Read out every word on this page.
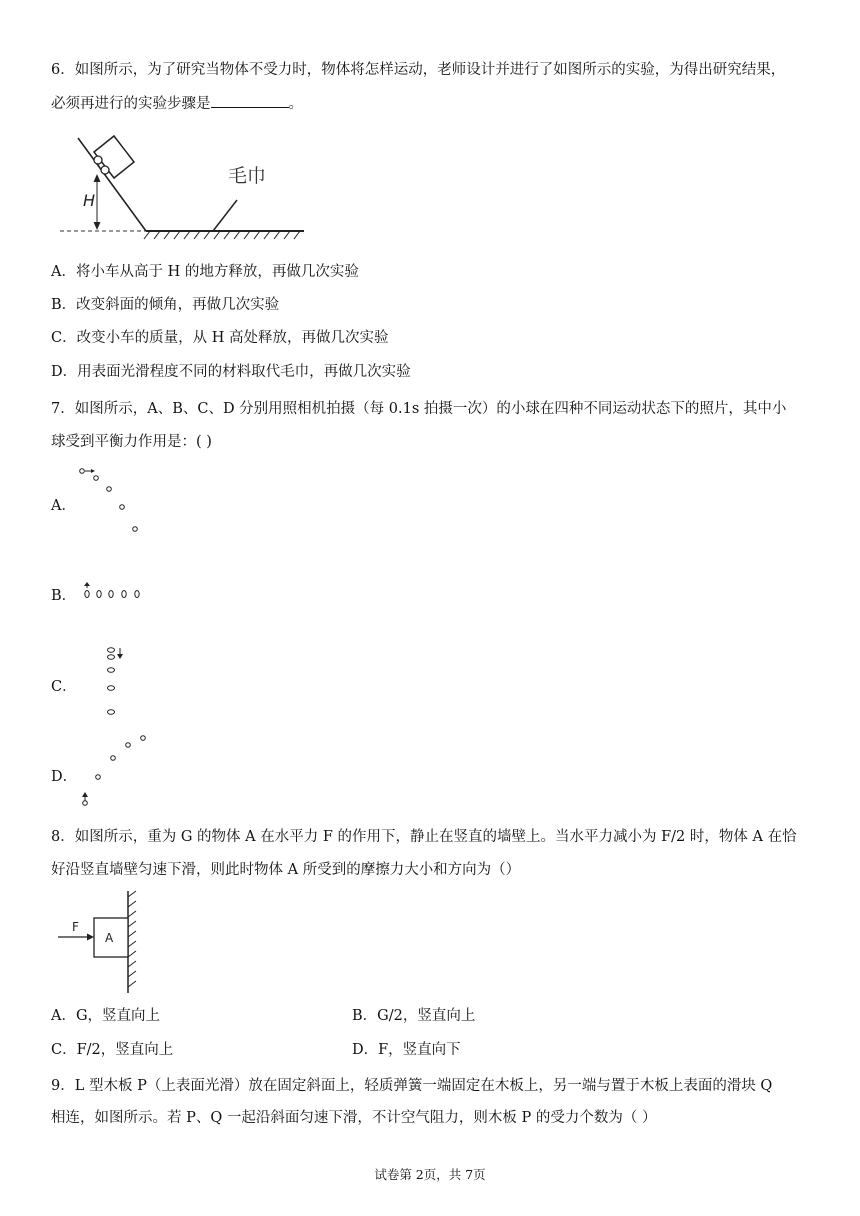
6．如图所示，为了研究当物体不受力时，物体将怎样运动，老师设计并进行了如图所示的实验，为得出研究结果，
必须再进行的实验步骤是	。
H
毛巾
A．将小车从高于 H 的地方释放，再做几次实验
B．改变斜面的倾角，再做几次实验
C．改变小车的质量，从 H 高处释放，再做几次实验
D．用表面光滑程度不同的材料取代毛巾，再做几次实验
7．如图所示，A、B、C、D 分别用照相机拍摄（每 0.1s 拍摄一次）的小球在四种不同运动状态下的照片，其中小
球受到平衡力作用是：( )
A．
B．
C．
D．
8．如图所示，重为 G 的物体 A 在水平力 F 的作用下，静止在竖直的墙壁上。当水平力减小为 F/2 时，物体 A 在恰
好沿竖直墙壁匀速下滑，则此时物体 A 所受到的摩擦力大小和方向为（）
A
F
A．G，竖直向上	B．G/2，竖直向上
C．F/2，竖直向上	D．F，竖直向下
9．L 型木板 P（上表面光滑）放在固定斜面上，轻质弹簧一端固定在木板上，另一端与置于木板上表面的滑块 Q
相连，如图所示。若 P、Q 一起沿斜面匀速下滑，不计空气阻力，则木板 P 的受力个数为（ ）
试卷第 2页，共 7页
